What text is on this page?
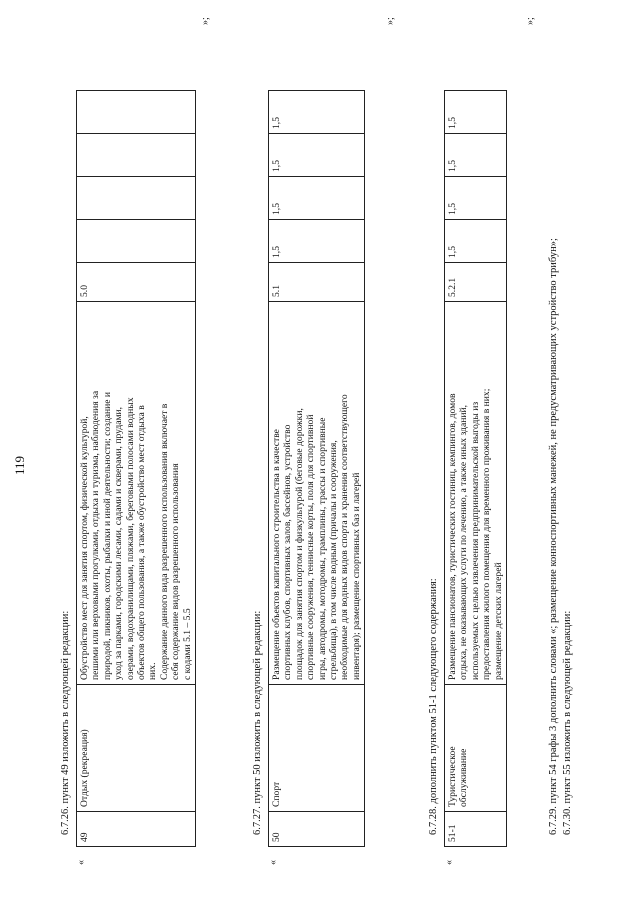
119
6.7.26. пункт 49 изложить в следующей редакции:
«
49	Отдых (рекреация)	Обустройство мест для занятия спортом, физической культурой,
пешими или верховыми прогулками, отдыха и туризма, наблюдения за
природой, пикников, охоты, рыбалки и иной деятельности; создание и
уход за парками, городскими лесами, садами и скверами, прудами,
озерами, водохранилищами, пляжами, береговыми полосами водных
объектов общего пользования, а также обустройство мест отдыха в
них.
Содержание данного вида разрешенного использования включает в
себя содержание видов разрешенного использования
с кодами 5.1 – 5.5	5.0				
»;
6.7.27. пункт 50 изложить в следующей редакции:
«
50	Спорт	Размещение объектов капитального строительства в качестве
спортивных клубов, спортивных залов, бассейнов, устройство
площадок для занятия спортом и физкультурой (беговые дорожки,
спортивные сооружения, теннисные корты, поля для спортивной
игры, автодромы, мотодромы, трамплины, трассы и спортивные
стрельбища), в том числе водным (причалы и сооружения,
необходимые для водных видов спорта и хранения соответствующего
инвентаря); размещение спортивных баз и лагерей	5.1	1,5	1,5	1,5	1,5
»;
6.7.28. дополнить пунктом 51-1 следующего содержания:
«
51-1	Туристическое
обслуживание	Размещение пансионатов, туристических гостиниц, кемпингов, домов
отдыха, не оказывающих услуги по лечению, а также иных зданий,
используемых с целью извлечения предпринимательской выгоды из
предоставления жилого помещения для временного проживания в них;
размещение детских лагерей	5.2.1	1,5	1,5	1,5	1,5
»;
6.7.29. пункт 54 графы 3 дополнить словами «; размещение конноспортивных манежей, не предусматривающих устройство трибун»; 6.7.30. пункт 55 изложить в следующей редакции:
